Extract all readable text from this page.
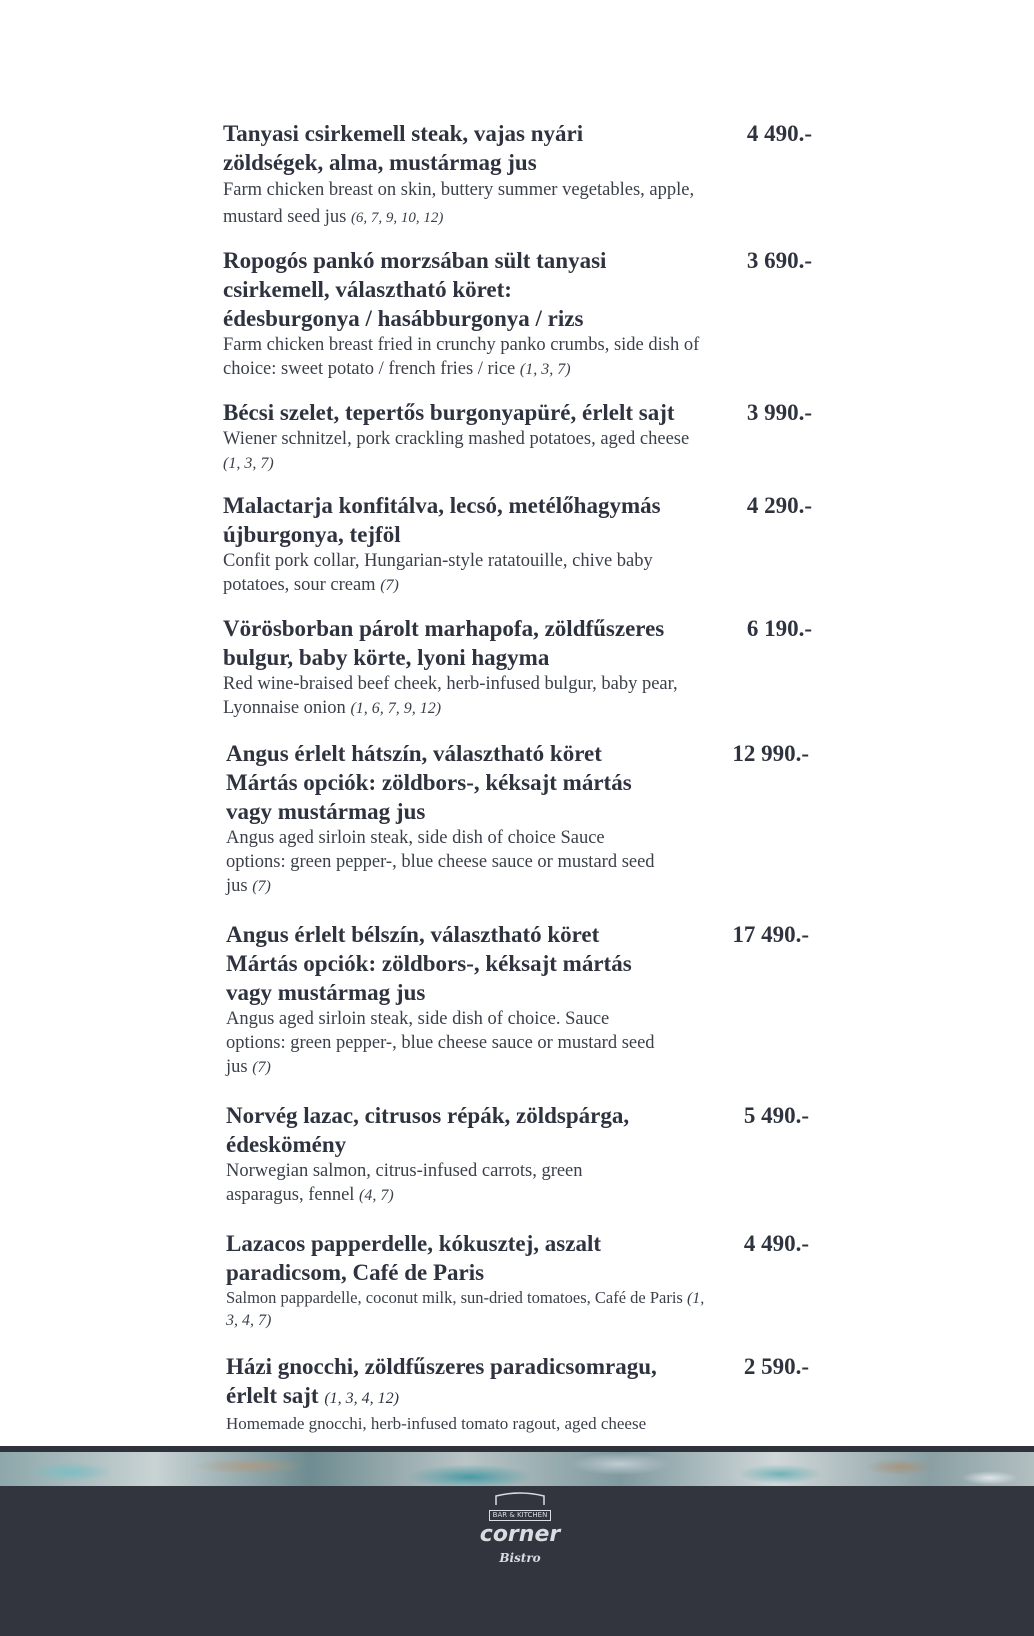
Tanyasi csirkemell steak, vajas nyári zöldségek, alma, mustármag jus

Farm chicken breast on skin, buttery summer vegetables, apple, mustard seed jus (6, 7, 9, 10, 12)

4 490.-

Ropogós pankó morzsában sült tanyasi csirkemell, választható köret: édesburgonya / hasábburgonya / rizs

Farm chicken breast fried in crunchy panko crumbs, side dish of choice: sweet potato / french fries / rice (1, 3, 7)

3 690.-

Bécsi szelet, tepertős burgonyapüré, érlelt sajt

Wiener schnitzel, pork crackling mashed potatoes, aged cheese (1, 3, 7)

3 990.-

Malactarja konfitálva, lecsó, metélőhagymás újburgonya, tejföl

Confit pork collar, Hungarian-style ratatouille, chive baby potatoes, sour cream (7)

4 290.-

Vörösborban párolt marhapofa, zöldfűszeres bulgur, baby körte, lyoni hagyma

Red wine-braised beef cheek, herb-infused bulgur, baby pear, Lyonnaise onion (1, 6, 7, 9, 12)

6 190.-

Angus érlelt hátszín, választható köret Mártás opciók: zöldbors-, kéksajt mártás vagy mustármag jus

Angus aged sirloin steak, side dish of choice Sauce options: green pepper-, blue cheese sauce or mustard seed jus (7)

12 990.-

Angus érlelt bélszín, választható köret Mártás opciók: zöldbors-, kéksajt mártás vagy mustármag jus

Angus aged sirloin steak, side dish of choice. Sauce options: green pepper-, blue cheese sauce or mustard seed jus (7)

17 490.-

Norvég lazac, citrusos répák, zöldspárga, édeskömény

Norwegian salmon, citrus-infused carrots, green asparagus, fennel (4, 7)

5 490.-

Lazacos papperdelle, kókusztej, aszalt paradicsom, Café de Paris

Salmon pappardelle, coconut milk, sun-dried tomatoes, Café de Paris (1, 3, 4, 7)

4 490.-

Házi gnocchi, zöldfűszeres paradicsomragu, érlelt sajt (1, 3, 4, 12)

Homemade gnocchi, herb-infused tomato ragout, aged cheese

2 590.-
BAR & KITCHEN
corner
Bistro
